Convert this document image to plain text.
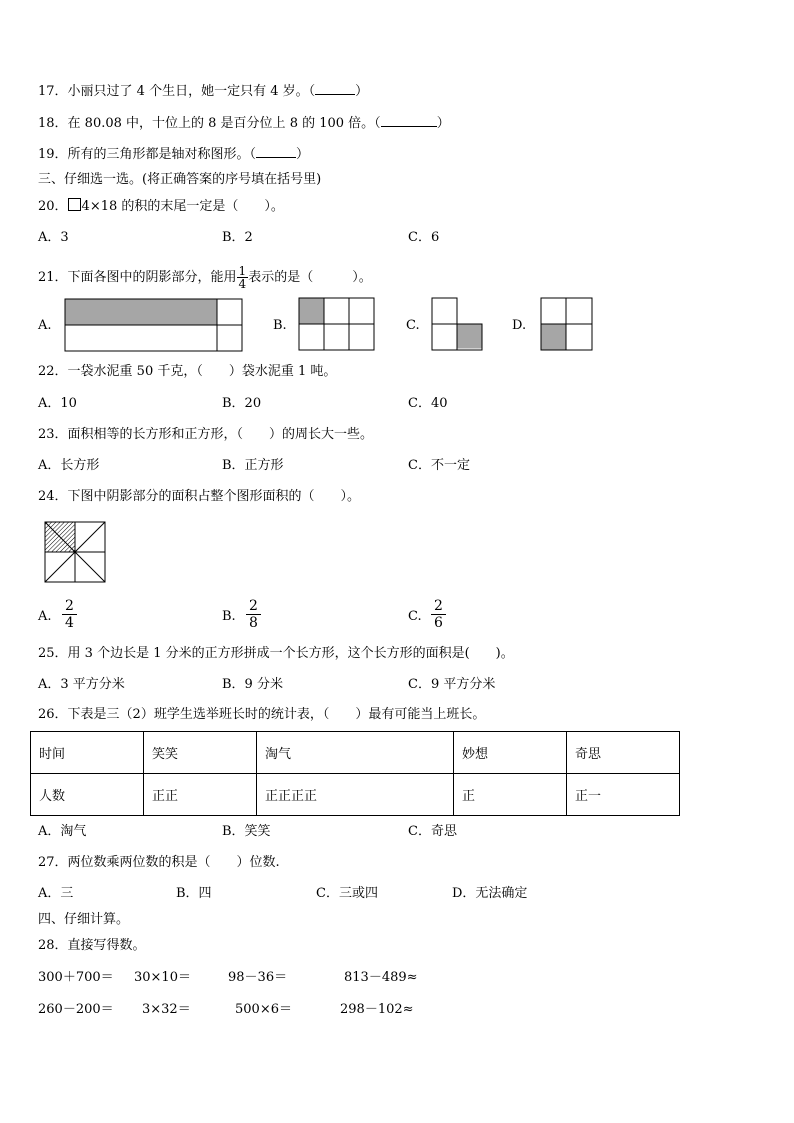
17．小丽只过了 4 个生日，她一定只有 4 岁。（	）
18．在 80.08 中，十位上的 8 是百分位上 8 的 100 倍。（	）
19．所有的三角形都是轴对称图形。（	）
三、仔细选一选。(将正确答案的序号填在括号里)
20． 4×18 的积的末尾一定是（　　）。
A．3	B．2	C．6
21．下面各图中的阴影部分，能用 $\frac{1}{4}$ 表示的是（　　　）。
A.	B.	C.	D.
22．一袋水泥重 50 千克，（　　）袋水泥重 1 吨。
A．10	B．20	C．40
23．面积相等的长方形和正方形，（　　）的周长大一些。
A．长方形	B．正方形	C．不一定
24．下图中阴影部分的面积占整个图形面积的（　　）。
A.
2
4	B.
2
8	C.
2
6
25．用 3 个边长是 1 分米的正方形拼成一个长方形，这个长方形的面积是(　　)。
A．3 平方分米	B．9 分米	C．9 平方分米
26．下表是三（2）班学生选举班长时的统计表，（　　）最有可能当上班长。
时间	笑笑	淘气	妙想	奇思
人数	正正	正正正正	正	正一
A．淘气	B．笑笑	C．奇思
27．两位数乘两位数的积是（　　）位数.
A．三	B．四	C．三或四	D．无法确定
四、仔细计算。
28．直接写得数。
300＋700＝ 30×10＝	98－36＝	813－489≈
260－200＝ 3×32＝	500×6＝	298－102≈
